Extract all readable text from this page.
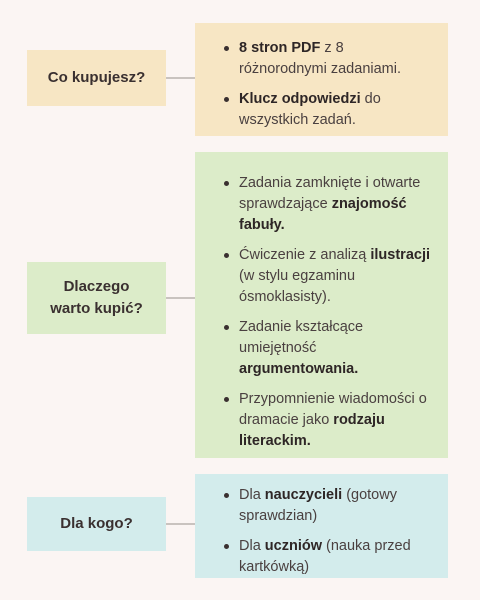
Co kupujesz?
8 stron PDF z 8 różnorodnymi zadaniami.
Klucz odpowiedzi do wszystkich zadań.
Dlaczego
warto kupić?
Zadania zamknięte i otwarte sprawdzające znajomość fabuły.
Ćwiczenie z analizą ilustracji (w stylu egzaminu ósmoklasisty).
Zadanie kształcące umiejętność argumentowania.
Przypomnienie wiadomości o dramacie jako rodzaju literackim.
Dla kogo?
Dla nauczycieli (gotowy sprawdzian)
Dla uczniów (nauka przed kartkówką)
